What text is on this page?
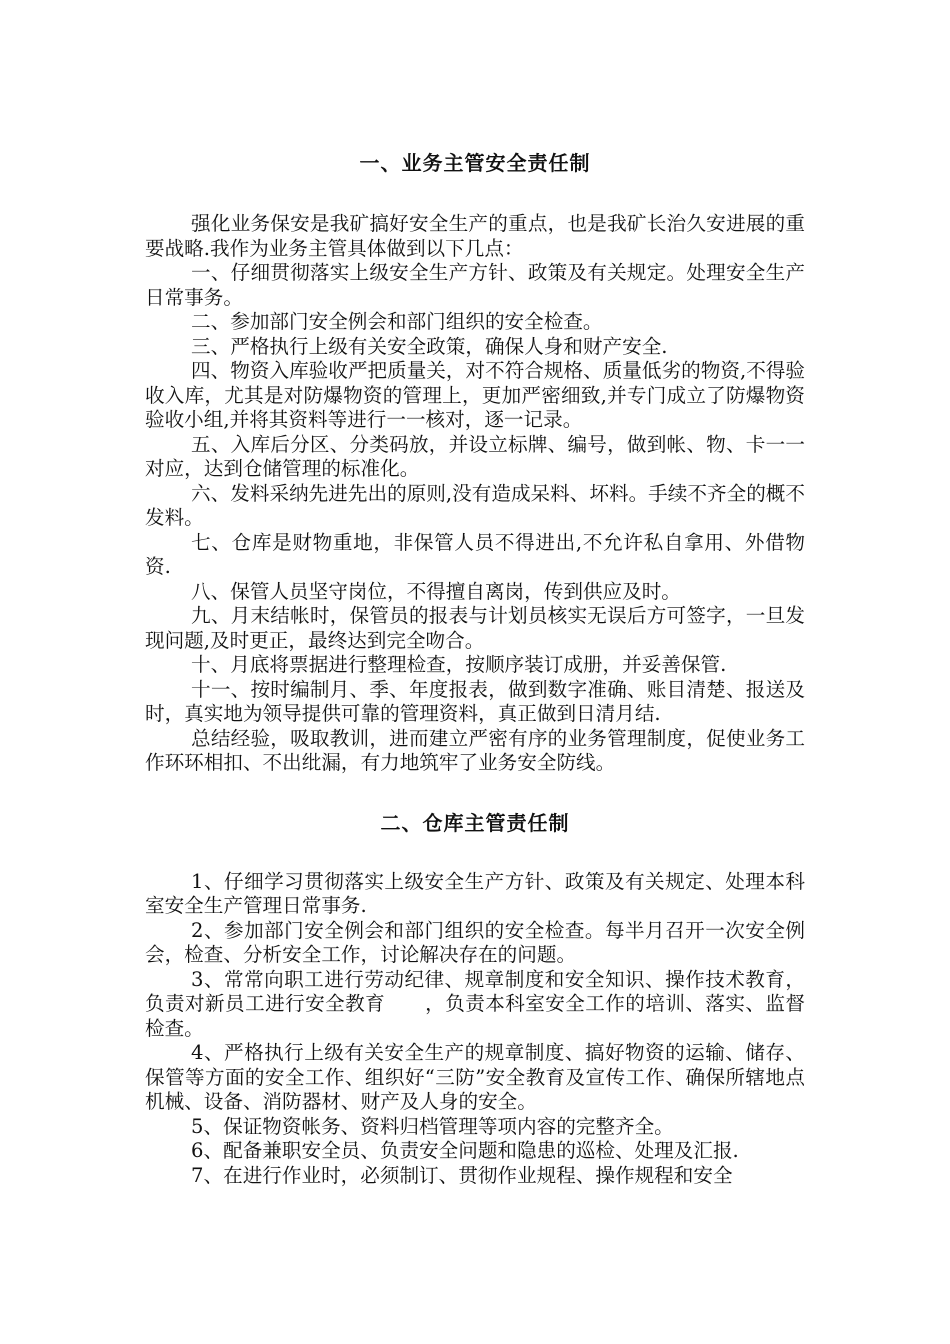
一、业务主管安全责任制

强化业务保安是我矿搞好安全生产的重点，也是我矿长治久安进展的重要战略.我作为业务主管具体做到以下几点：

一、仔细贯彻落实上级安全生产方针、政策及有关规定。处理安全生产日常事务。

二、参加部门安全例会和部门组织的安全检查。

三、严格执行上级有关安全政策，确保人身和财产安全.

四、物资入库验收严把质量关，对不符合规格、质量低劣的物资,不得验收入库，尤其是对防爆物资的管理上，更加严密细致,并专门成立了防爆物资验收小组,并将其资料等进行一一核对，逐一记录。

五、入库后分区、分类码放，并设立标牌、编号，做到帐、物、卡一一对应，达到仓储管理的标准化。

六、发料采纳先进先出的原则,没有造成呆料、坏料。手续不齐全的概不发料。

七、仓库是财物重地，非保管人员不得进出,不允许私自拿用、外借物资.

八、保管人员坚守岗位，不得擅自离岗，传到供应及时。

九、月末结帐时，保管员的报表与计划员核实无误后方可签字，一旦发现问题,及时更正，最终达到完全吻合。

十、月底将票据进行整理检查，按顺序装订成册，并妥善保管.

十一、按时编制月、季、年度报表，做到数字准确、账目清楚、报送及时，真实地为领导提供可靠的管理资料，真正做到日清月结.

总结经验，吸取教训，进而建立严密有序的业务管理制度，促使业务工作环环相扣、不出纰漏，有力地筑牢了业务安全防线。

二、仓库主管责任制

1、仔细学习贯彻落实上级安全生产方针、政策及有关规定、处理本科室安全生产管理日常事务.

2、参加部门安全例会和部门组织的安全检查。每半月召开一次安全例会，检查、分析安全工作，讨论解决存在的问题。

3、常常向职工进行劳动纪律、规章制度和安全知识、操作技术教育，负责对新员工进行安全教育　　，负责本科室安全工作的培训、落实、监督检查。

4、严格执行上级有关安全生产的规章制度、搞好物资的运输、储存、保管等方面的安全工作、组织好“三防”安全教育及宣传工作、确保所辖地点机械、设备、消防器材、财产及人身的安全。

5、保证物资帐务、资料归档管理等项内容的完整齐全。

6、配备兼职安全员、负责安全问题和隐患的巡检、处理及汇报.

7、在进行作业时，必须制订、贯彻作业规程、操作规程和安全
